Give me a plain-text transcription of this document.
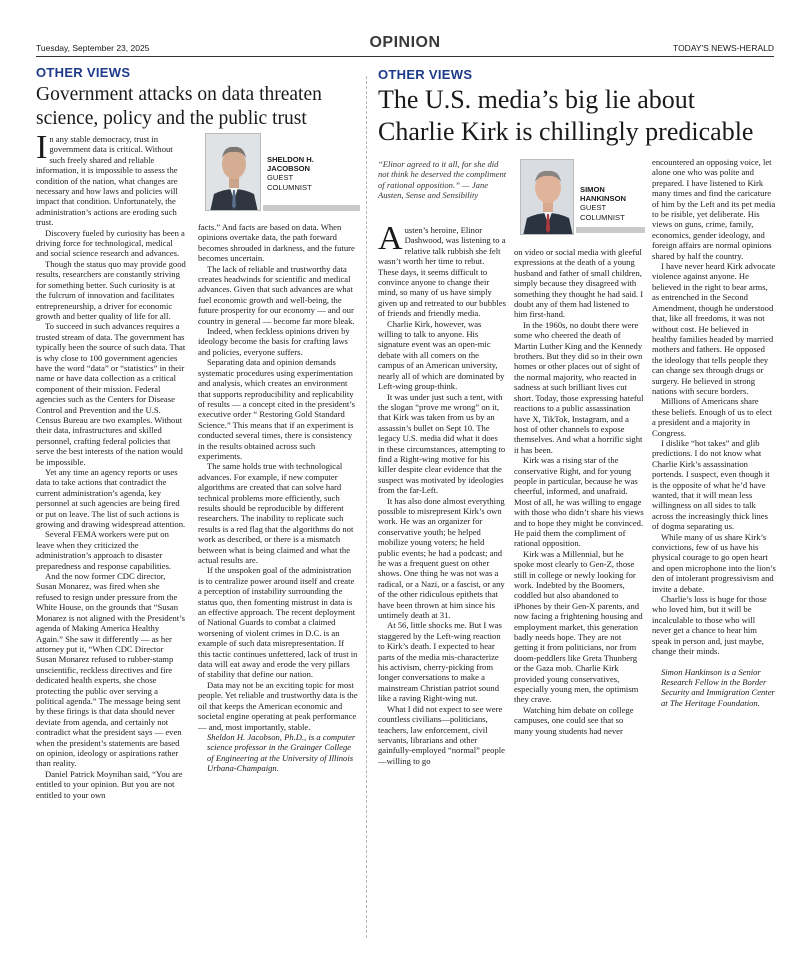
Tuesday, September 23, 2025	OPINION	TODAY'S NEWS-HERALD
OTHER VIEWS
Government attacks on data threaten science, policy and the public trust
SHELDON H.
JACOBSON
GUEST
COLUMNIST

In any stable democracy, trust in government data is critical. Without such freely shared and reliable information, it is impossible to assess the condition of the nation, what changes are necessary and how laws and policies will impact that condition. Unfortunately, the administration’s actions are eroding such trust.

Discovery fueled by curiosity has been a driving force for technological, medical and social science research and advances.

Though the status quo may provide good results, researchers are constantly striving for something better. Such curiosity is at the fulcrum of innovation and facilitates entrepreneurship, a driver for economic growth and better quality of life for all.

To succeed in such advances requires a trusted stream of data. The government has typically been the source of such data. That is why close to 100 government agencies have the word “data” or “statistics” in their name or have data collection as a critical component of their mission. Federal agencies such as the Centers for Disease Control and Prevention and the U.S. Census Bureau are two examples. Without their data, infrastructures and skilled personnel, crafting federal policies that serve the best interests of the nation would be impossible.

Yet any time an agency reports or uses data to take actions that contradict the current administration’s agenda, key personnel at such agencies are being fired or put on leave. The list of such actions is growing and drawing widespread attention.

Several FEMA workers were put on leave when they criticized the administration’s approach to disaster preparedness and response capabilities.

And the now former CDC director, Susan Monarez, was fired when she refused to resign under pressure from the White House, on the grounds that “Susan Monarez is not aligned with the President’s agenda of Making America Healthy Again.” She saw it differently — as her attorney put it, “When CDC Director Susan Monarez refused to rubber-stamp unscientific, reckless directives and fire dedicated health experts, she chose protecting the public over serving a political agenda.” The message being sent by these firings is that data should never deviate from agenda, and certainly not contradict what the president says — even when the president’s statements are based on opinion, ideology or aspirations rather than reality.

Daniel Patrick Moynihan said, “You are entitled to your opinion. But you are not entitled to your own

facts.” And facts are based on data. When opinions overtake data, the path forward becomes shrouded in darkness, and the future becomes uncertain.

The lack of reliable and trustworthy data creates headwinds for scientific and medical advances. Given that such advances are what fuel economic growth and well-being, the future prosperity for our economy — and our country in general — become far more bleak.

Indeed, when feckless opinions driven by ideology become the basis for crafting laws and policies, everyone suffers.

Separating data and opinion demands systematic procedures using experimentation and analysis, which creates an environment that supports reproducibility and replicability of results — a concept cited in the president’s executive order “ Restoring Gold Standard Science.” This means that if an experiment is conducted several times, there is consistency in the results obtained across such experiments.

The same holds true with technological advances. For example, if new computer algorithms are created that can solve hard technical problems more efficiently, such results should be reproducible by different researchers. The inability to replicate such results is a red flag that the algorithms do not work as described, or there is a mismatch between what is being claimed and what the actual results are.

If the unspoken goal of the administration is to centralize power around itself and create a perception of instability surrounding the status quo, then fomenting mistrust in data is an effective approach. The recent deployment of National Guards to combat a claimed worsening of violent crimes in D.C. is an example of such data misrepresentation. If this tactic continues unfettered, lack of trust in data will eat away and erode the very pillars of stability that define our nation.

Data may not be an exciting topic for most people. Yet reliable and trustworthy data is the oil that keeps the American economic and societal engine operating at peak performance — and, most importantly, stable.

Sheldon H. Jacobson, Ph.D., is a computer science professor in the Grainger College of Engineering at the University of Illinois Urbana-Champaign.

OTHER VIEWS
The U.S. media’s big lie about Charlie Kirk is chillingly predicable
“Elinor agreed to it all, for she did not think he deserved the compliment of rational opposition.” — Jane Austen, Sense and Sensibility
SIMON
HANKINSON
GUEST
COLUMNIST

Austen’s heroine, Elinor Dashwood, was listening to a relative talk rubbish she felt wasn’t worth her time to rebut. These days, it seems difficult to convince anyone to change their mind, so many of us have simply given up and retreated to our bubbles of friends and friendly media.

Charlie Kirk, however, was willing to talk to anyone. His signature event was an open-mic debate with all comers on the campus of an American university, nearly all of which are dominated by Left-wing group-think.

It was under just such a tent, with the slogan “prove me wrong” on it, that Kirk was taken from us by an assassin’s bullet on Sept 10. The legacy U.S. media did what it does in these circumstances, attempting to find a Right-wing motive for his killer despite clear evidence that the suspect was motivated by ideologies from the far-Left.

It has also done almost everything possible to misrepresent Kirk’s own work. He was an organizer for conservative youth; he helped mobilize young voters; he held public events; he had a podcast; and he was a frequent guest on other shows. One thing he was not was a radical, or a Nazi, or a fascist, or any of the other ridiculous epithets that have been thrown at him since his untimely death at 31.

At 56, little shocks me. But I was staggered by the Left-wing reaction to Kirk’s death. I expected to hear parts of the media mis-characterize his activism, cherry-picking from longer conversations to make a mainstream Christian patriot sound like a raving Right-wing nut.

What I did not expect to see were countless civilians—politicians, teachers, law enforcement, civil servants, librarians and other gainfully-employed “normal” people—willing to go

on video or social media with gleeful expressions at the death of a young husband and father of small children, simply because they disagreed with something they thought he had said. I doubt any of them had listened to him first-hand.

In the 1960s, no doubt there were some who cheered the death of Martin Luther King and the Kennedy brothers. But they did so in their own homes or other places out of sight of the normal majority, who reacted in sadness at such brilliant lives cut short. Today, those expressing hateful reactions to a public assassination have X, TikTok, Instagram, and a host of other channels to expose themselves. And what a horrific sight it has been.

Kirk was a rising star of the conservative Right, and for young people in particular, because he was cheerful, informed, and unafraid. Most of all, he was willing to engage with those who didn’t share his views and to hope they might be convinced. He paid them the compliment of rational opposition.

Kirk was a Millennial, but he spoke most clearly to Gen-Z, those still in college or newly looking for work. Indebted by the Boomers, coddled but also abandoned to iPhones by their Gen-X parents, and now facing a frightening housing and employment market, this generation badly needs hope. They are not getting it from politicians, nor from doom-peddlers like Greta Thunberg or the Gaza mob. Charlie Kirk provided young conservatives, especially young men, the optimism they crave.

Watching him debate on college campuses, one could see that so many young students had never

encountered an opposing voice, let alone one who was polite and prepared. I have listened to Kirk many times and find the caricature of him by the Left and its pet media to be risible, yet deliberate. His views on guns, crime, family, economics, gender ideology, and foreign affairs are normal opinions shared by half the country.

I have never heard Kirk advocate violence against anyone. He believed in the right to bear arms, as entrenched in the Second Amendment, though he understood that, like all freedoms, it was not without cost. He believed in healthy families headed by married mothers and fathers. He opposed the ideology that tells people they can change sex through drugs or surgery. He believed in strong nations with secure borders.

Millions of Americans share these beliefs. Enough of us to elect a president and a majority in Congress.

I dislike “hot takes” and glib predictions. I do not know what Charlie Kirk’s assassination portends. I suspect, even though it is the opposite of what he’d have wanted, that it will mean less willingness on all sides to talk across the increasingly thick lines of dogma separating us.

While many of us share Kirk’s convictions, few of us have his physical courage to go open heart and open microphone into the lion’s den of intolerant progressivism and invite a debate.

Charlie’s loss is huge for those who loved him, but it will be incalculable to those who will never get a chance to hear him speak in person and, just maybe, change their minds.

Simon Hankinson is a Senior Research Fellow in the Border Security and Immigration Center at The Heritage Foundation.
